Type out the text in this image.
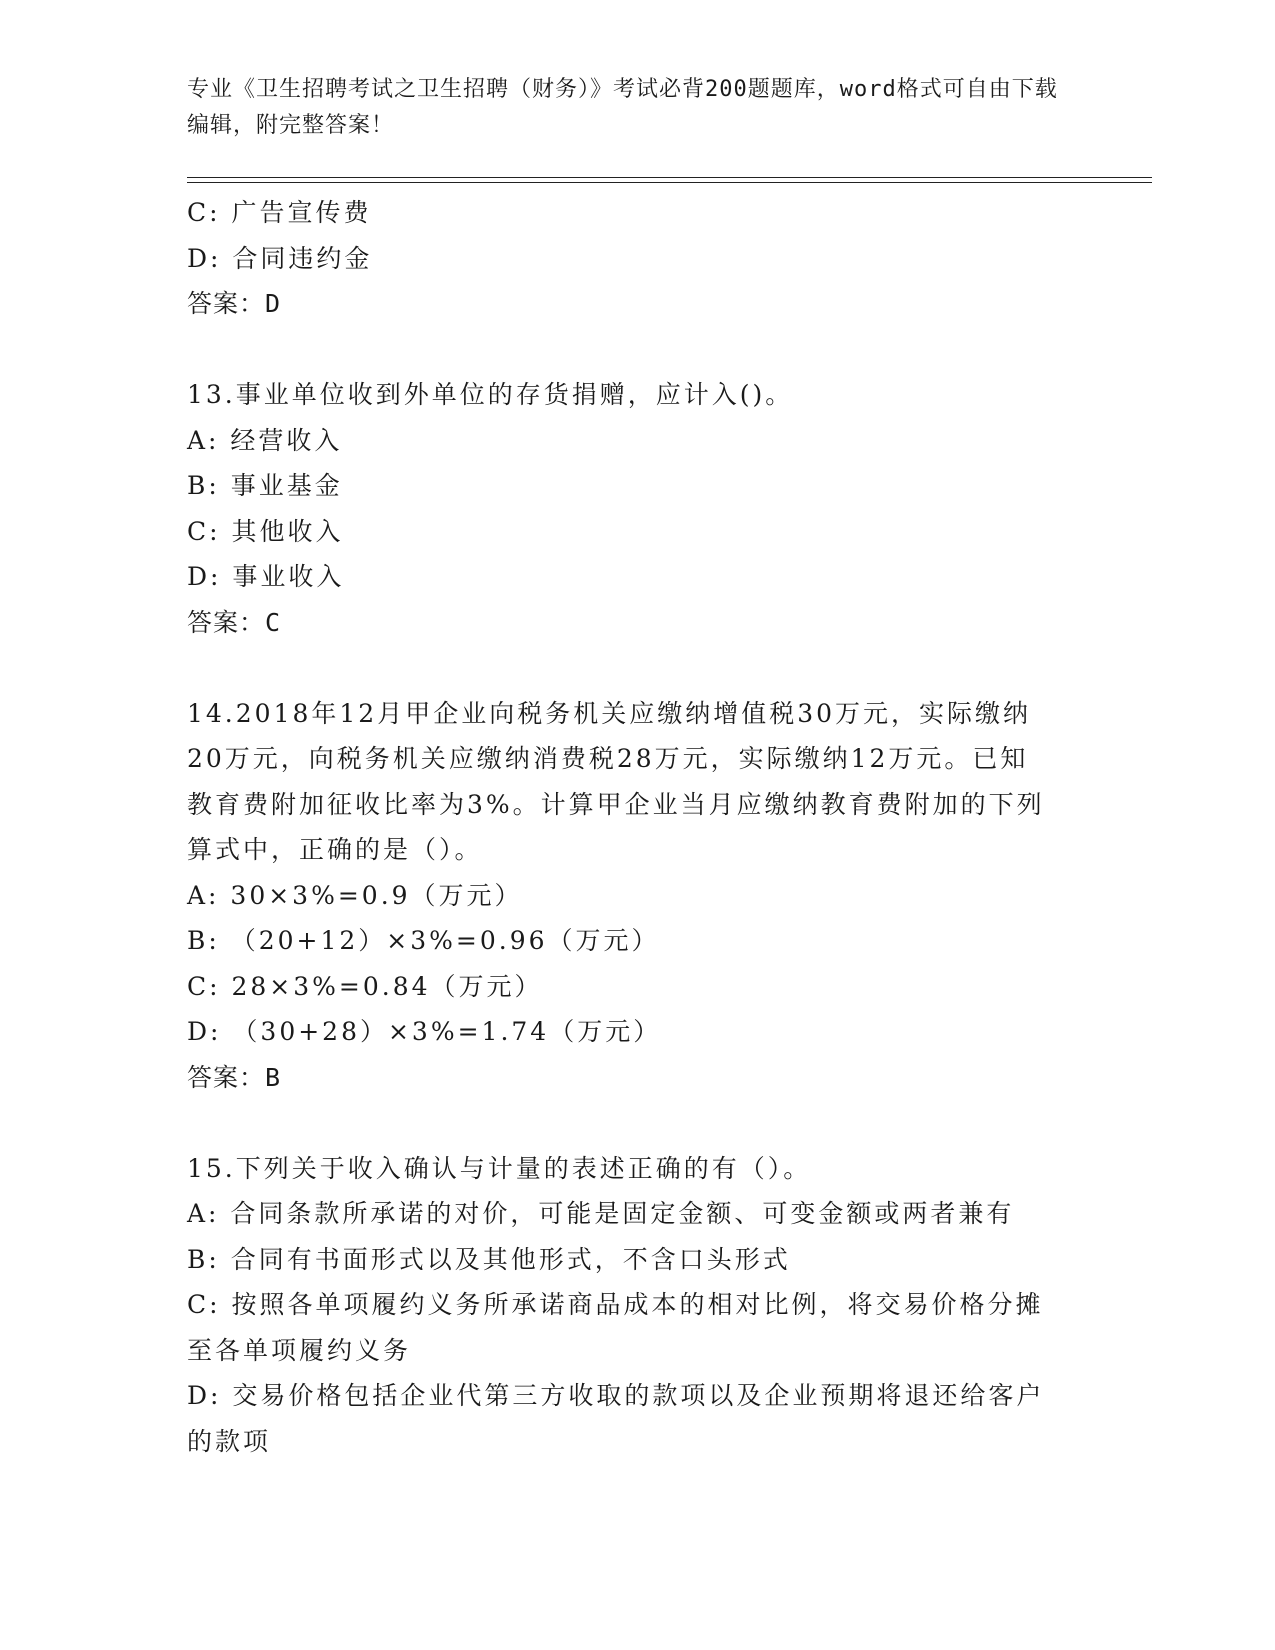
专业《卫生招聘考试之卫生招聘（财务）》考试必背200题题库，word格式可自由下载编辑，附完整答案！
C: 广告宣传费
D: 合同违约金
答案：D
13.事业单位收到外单位的存货捐赠，应计入()。
A: 经营收入
B: 事业基金
C: 其他收入
D: 事业收入
答案：C
14.2018年12月甲企业向税务机关应缴纳增值税30万元，实际缴纳
20万元，向税务机关应缴纳消费税28万元，实际缴纳12万元。已知
教育费附加征收比率为3%。计算甲企业当月应缴纳教育费附加的下列
算式中，正确的是（）。
A: 30×3%=0.9（万元）
B: （20+12）×3%=0.96（万元）
C: 28×3%=0.84（万元）
D: （30+28）×3%=1.74（万元）
答案：B
15.下列关于收入确认与计量的表述正确的有（）。
A: 合同条款所承诺的对价，可能是固定金额、可变金额或两者兼有
B: 合同有书面形式以及其他形式，不含口头形式
C: 按照各单项履约义务所承诺商品成本的相对比例，将交易价格分摊
至各单项履约义务
D: 交易价格包括企业代第三方收取的款项以及企业预期将退还给客户
的款项
